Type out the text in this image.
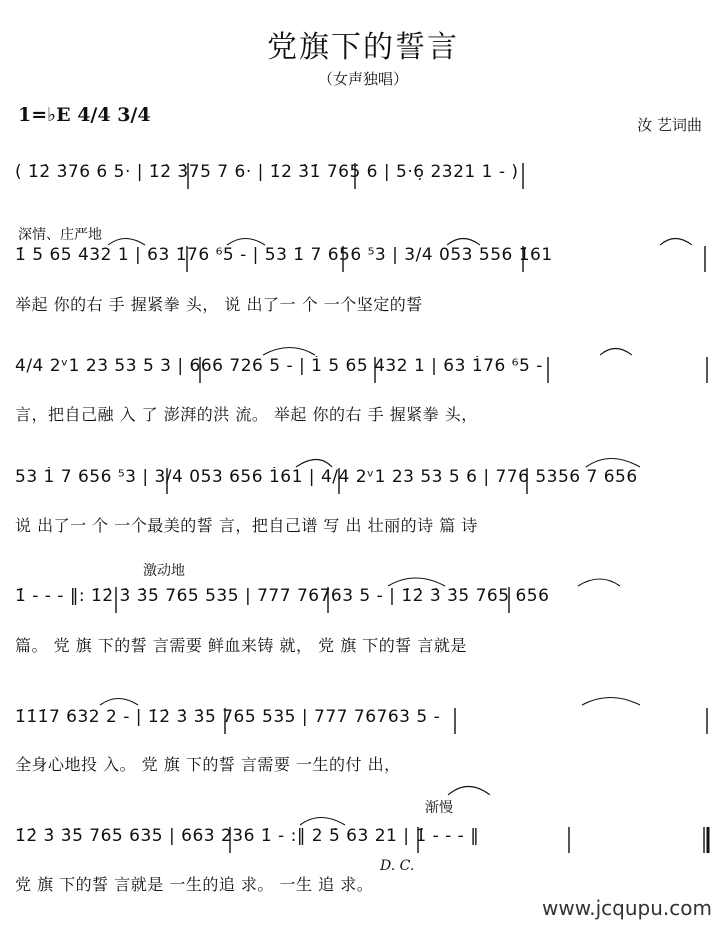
党旗下的誓言
（女声独唱）
1=♭E 4/4 3/4	汝 艺词曲
( 1̇2̇ 3̇76 6 5· | 1̇2̇ 3̇75 7 6· | 1̇2 3̇1̇ 765 6 | 5·6̣ 2321 1 - )
深情、庄严地
1̇ 5 65 432 1 | 63 1̇76 ⁶5 - | 53 1̇ 7 656 ⁵3 | 3/4 053 556 1̇61
举起 你的右 手 握紧拳 头， 说 出了一 个 一个坚定的誓
4/4 2ᵛ1 23 53 5 3 | 666 726 5 - | 1̇ 5 65 432 1 | 63 1̇76 ⁶5 -
言，把自己融 入 了 澎湃的洪 流。 举起 你的右 手 握紧拳 头，
53 1̇ 7 656 ⁵3 | 3/4 053 656 1̇61 | 4/4 2ᵛ1 23 53 5 6 | 776 5356 7 656
说 出了一 个 一个最美的誓 言，把自己谱 写 出 壮丽的诗 篇 诗
激动地
1̇ - - - ‖: 1̇2̇ 3̇ 3̇5̇ 765 535 | 777 76763 5 - | 1̇2̇ 3̇ 3̇5̇ 765 656
篇。 党 旗 下的誓 言需要 鲜血来铸 就， 党 旗 下的誓 言就是
1̇1̇1̇7 632 2 - | 1̇2̇ 3̇ 3̇5̇ 765 535 | 777 76763 5 -
全身心地投 入。 党 旗 下的誓 言需要 一生的付 出，
渐慢
1̇2̇ 3̇ 3̇5̇ 765 635 | 663 236 1̇ - :‖ 2 5̇ 63 21 | 1̇ - - - ‖
D. C.
党 旗 下的誓 言就是 一生的追 求。 一生 追 求。
www.jcqupu.com
